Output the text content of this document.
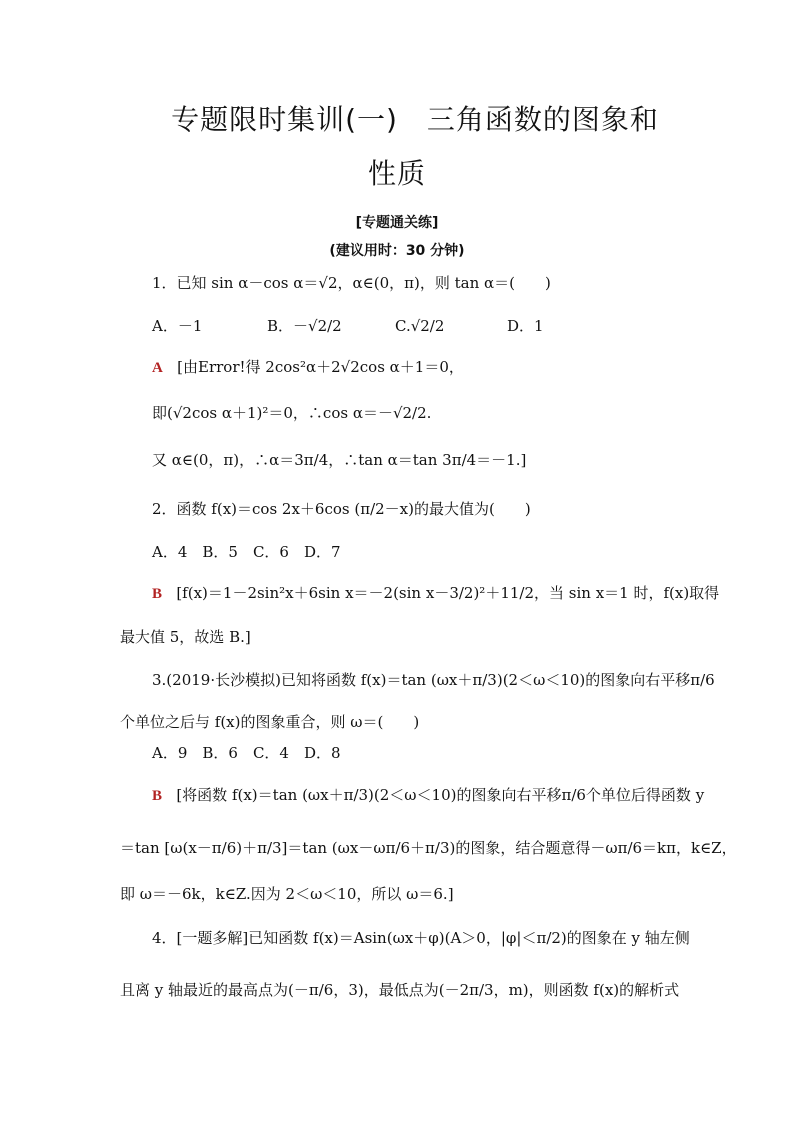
专题限时集训(一)　三角函数的图象和
性质
[专题通关练]
(建议用时：30 分钟)
1．已知 sin α－cos α＝√2，α∈(0，π)，则 tan α＝(　　)
A．－1	B．－√2/2	C.√2/2	D．1
A [由Error!得 2cos²α＋2√2cos α＋1＝0，
即(√2cos α＋1)²＝0，∴cos α＝－√2/2.
又 α∈(0，π)，∴α＝3π/4，∴tan α＝tan 3π/4＝－1.]
2．函数 f(x)＝cos 2x＋6cos (π/2－x)的最大值为(　　)
A．4　B．5　C．6　D．7
B [f(x)＝1－2sin²x＋6sin x＝－2(sin x－3/2)²＋11/2，当 sin x＝1 时，f(x)取得
最大值 5，故选 B.]
3.(2019·长沙模拟)已知将函数 f(x)＝tan (ωx＋π/3)(2＜ω＜10)的图象向右平移π/6
个单位之后与 f(x)的图象重合，则 ω＝(　　)
A．9　B．6　C．4　D．8
B [将函数 f(x)＝tan (ωx＋π/3)(2＜ω＜10)的图象向右平移π/6个单位后得函数 y
＝tan [ω(x－π/6)＋π/3]＝tan (ωx－ωπ/6＋π/3)的图象，结合题意得－ωπ/6＝kπ，k∈Z，
即 ω＝－6k，k∈Z.因为 2＜ω＜10，所以 ω＝6.]
4．[一题多解]已知函数 f(x)＝Asin(ωx＋φ)(A＞0，|φ|＜π/2)的图象在 y 轴左侧
且离 y 轴最近的最高点为(－π/6，3)，最低点为(－2π/3，m)，则函数 f(x)的解析式
